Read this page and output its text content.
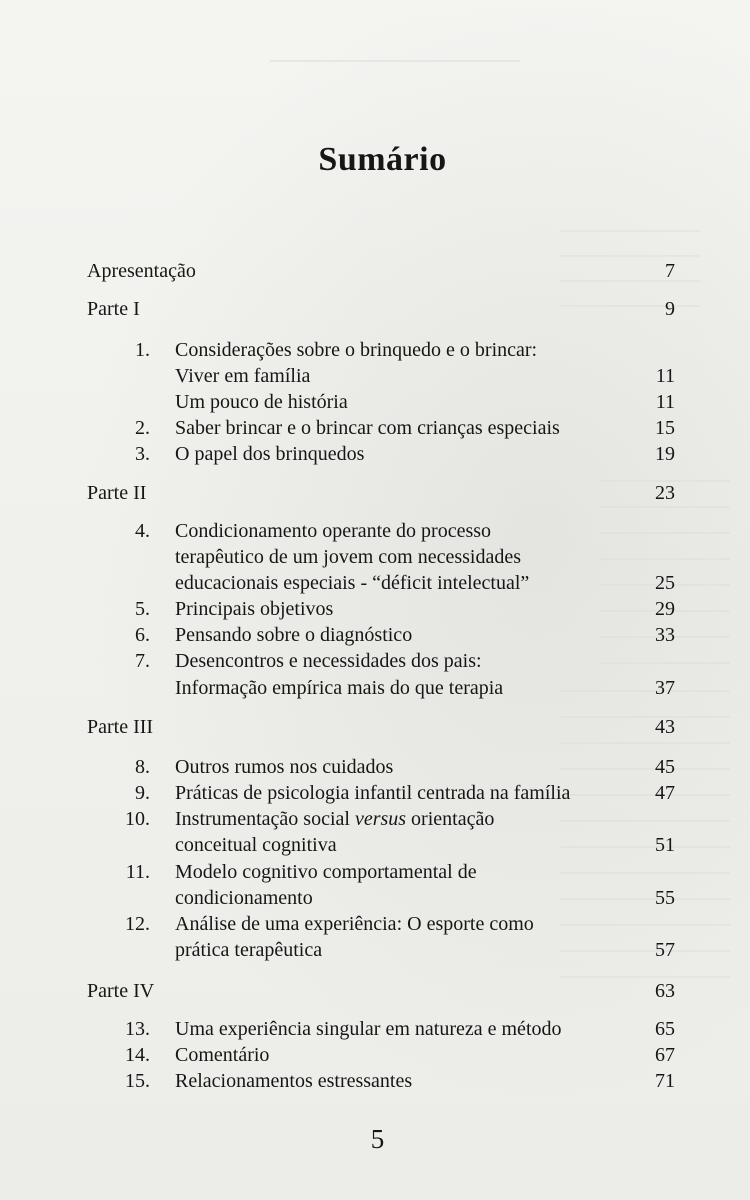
Sumário
Apresentação	7
Parte I	9
1. Considerações sobre o brinquedo e o brincar:
Viver em família	11
Um pouco de história	11
2. Saber brincar e o brincar com crianças especiais	15
3. O papel dos brinquedos	19
Parte II	23
4. Condicionamento operante do processo
terapêutico de um jovem com necessidades
educacionais especiais - “déficit intelectual”	25
5. Principais objetivos	29
6. Pensando sobre o diagnóstico	33
7. Desencontros e necessidades dos pais:
Informação empírica mais do que terapia	37
Parte III	43
8. Outros rumos nos cuidados	45
9. Práticas de psicologia infantil centrada na família	47
10. Instrumentação social versus orientação
conceitual cognitiva	51
11. Modelo cognitivo comportamental de
condicionamento	55
12. Análise de uma experiência: O esporte como
prática terapêutica	57
Parte IV	63
13. Uma experiência singular em natureza e método	65
14. Comentário	67
15. Relacionamentos estressantes	71
5
